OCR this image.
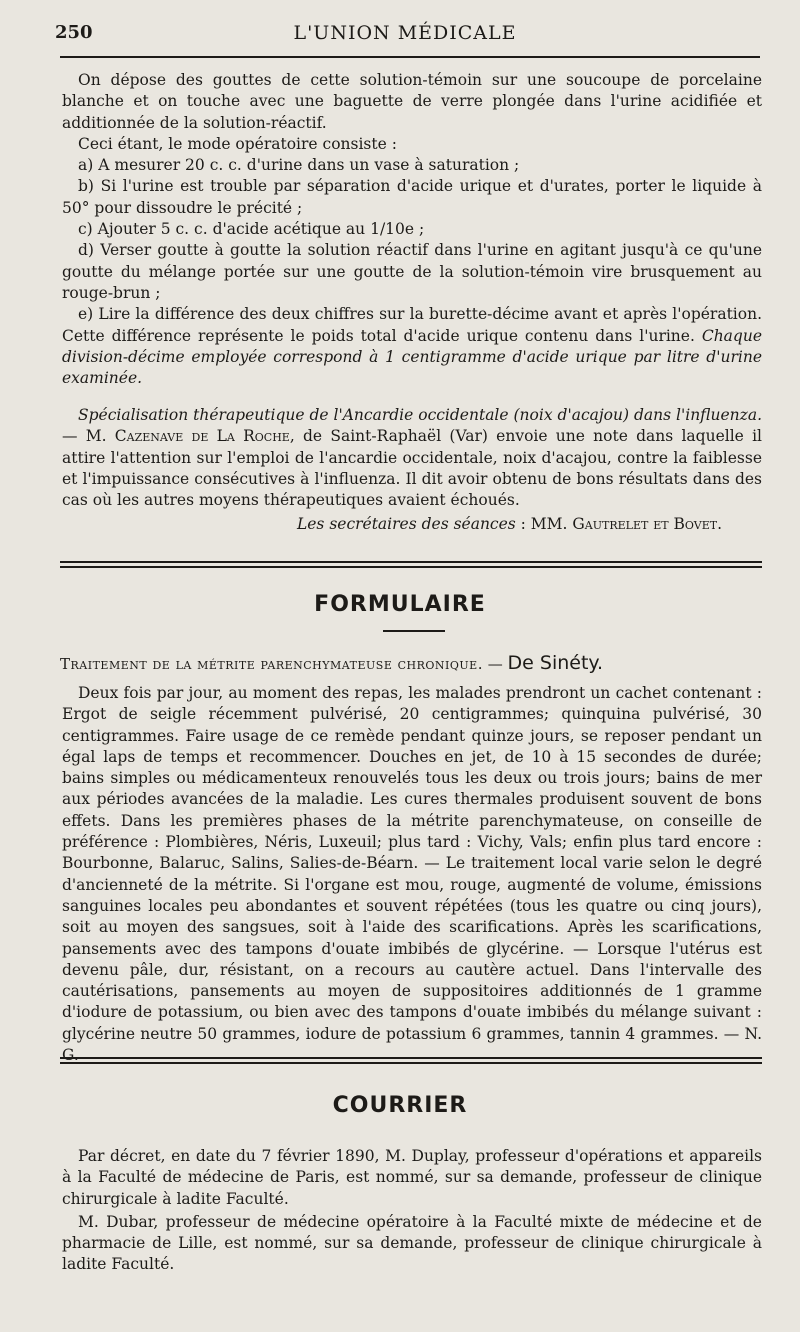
250	L'UNION MÉDICALE

On dépose des gouttes de cette solution-témoin sur une soucoupe de porcelaine blanche et on touche avec une baguette de verre plongée dans l'urine acidifiée et additionnée de la solution-réactif.

Ceci étant, le mode opératoire consiste :

a) A mesurer 20 c. c. d'urine dans un vase à saturation ;

b) Si l'urine est trouble par séparation d'acide urique et d'urates, porter le liquide à 50° pour dissoudre le précité ;

c) Ajouter 5 c. c. d'acide acétique au 1/10e ;

d) Verser goutte à goutte la solution réactif dans l'urine en agitant jusqu'à ce qu'une goutte du mélange portée sur une goutte de la solution-témoin vire brusquement au rouge-brun ;

e) Lire la différence des deux chiffres sur la burette-décime avant et après l'opération. Cette différence représente le poids total d'acide urique contenu dans l'urine. Chaque division-décime employée correspond à 1 centigramme d'acide urique par litre d'urine examinée.

Spécialisation thérapeutique de l'Ancardie occidentale (noix d'acajou) dans l'influenza. — M. Cazenave de La Roche, de Saint-Raphaël (Var) envoie une note dans laquelle il attire l'attention sur l'emploi de l'ancardie occidentale, noix d'acajou, contre la faiblesse et l'impuissance consécutives à l'influenza. Il dit avoir obtenu de bons résultats dans des cas où les autres moyens thérapeutiques avaient échoués.

Les secrétaires des séances : MM. Gautrelet et Bovet.

FORMULAIRE
Traitement de la métrite parenchymateuse chronique. — De Sinéty.

Deux fois par jour, au moment des repas, les malades prendront un cachet contenant : Ergot de seigle récemment pulvérisé, 20 centigrammes; quinquina pulvérisé, 30 centigrammes. Faire usage de ce remède pendant quinze jours, se reposer pendant un égal laps de temps et recommencer. Douches en jet, de 10 à 15 secondes de durée; bains simples ou médicamenteux renouvelés tous les deux ou trois jours; bains de mer aux périodes avancées de la maladie. Les cures thermales produisent souvent de bons effets. Dans les premières phases de la métrite parenchymateuse, on conseille de préférence : Plombières, Néris, Luxeuil; plus tard : Vichy, Vals; enfin plus tard encore : Bourbonne, Balaruc, Salins, Salies-de-Béarn. — Le traitement local varie selon le degré d'ancienneté de la métrite. Si l'organe est mou, rouge, augmenté de volume, émissions sanguines locales peu abondantes et souvent répétées (tous les quatre ou cinq jours), soit au moyen des sangsues, soit à l'aide des scarifications. Après les scarifications, pansements avec des tampons d'ouate imbibés de glycérine. — Lorsque l'utérus est devenu pâle, dur, résistant, on a recours au cautère actuel. Dans l'intervalle des cautérisations, pansements au moyen de suppositoires additionnés de 1 gramme d'iodure de potassium, ou bien avec des tampons d'ouate imbibés du mélange suivant : glycérine neutre 50 grammes, iodure de potassium 6 grammes, tannin 4 grammes. — N. G.

COURRIER

Par décret, en date du 7 février 1890, M. Duplay, professeur d'opérations et appareils à la Faculté de médecine de Paris, est nommé, sur sa demande, professeur de clinique chirurgicale à ladite Faculté.

M. Dubar, professeur de médecine opératoire à la Faculté mixte de médecine et de pharmacie de Lille, est nommé, sur sa demande, professeur de clinique chirurgicale à ladite Faculté.
